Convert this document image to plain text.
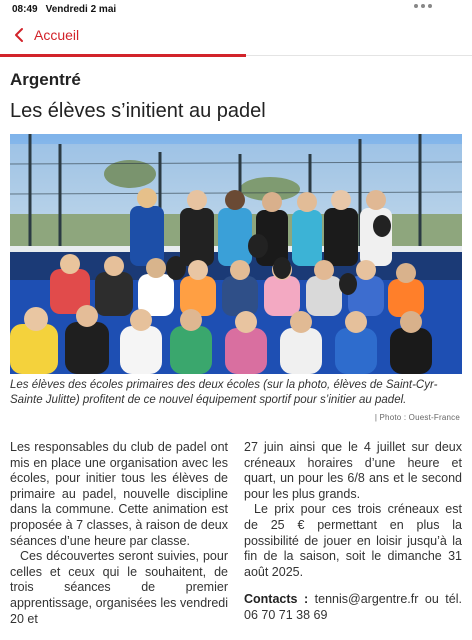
08:49 Vendredi 2 mai
Accueil
Argentré
Les élèves s’initient au padel

Les élèves des écoles primaires des deux écoles (sur la photo, élèves de Saint-Cyr- Sainte Julitte) profitent de ce nouvel équipement sportif pour s’initier au padel.

| Photo : Ouest-France

Les responsables du club de padel ont mis en place une organisation avec les écoles, pour initier tous les élèves de primaire au padel, nouvelle discipline dans la commune. Cette animation est proposée à 7 classes, à raison de deux séances d’une heure par classe.

Ces découvertes seront suivies, pour celles et ceux qui le souhaitent, de trois séances de premier apprentissage, organisées les vendredi 20 et

27 juin ainsi que le 4 juillet sur deux créneaux horaires d’une heure et quart, un pour les 6/8 ans et le second pour les plus grands.

Le prix pour ces trois créneaux est de 25 € permettant en plus la possibilité de jouer en loisir jusqu’à la fin de la saison, soit le dimanche 31 août 2025.

Contacts : tennis@argentre.fr ou tél. 06 70 71 38 69
